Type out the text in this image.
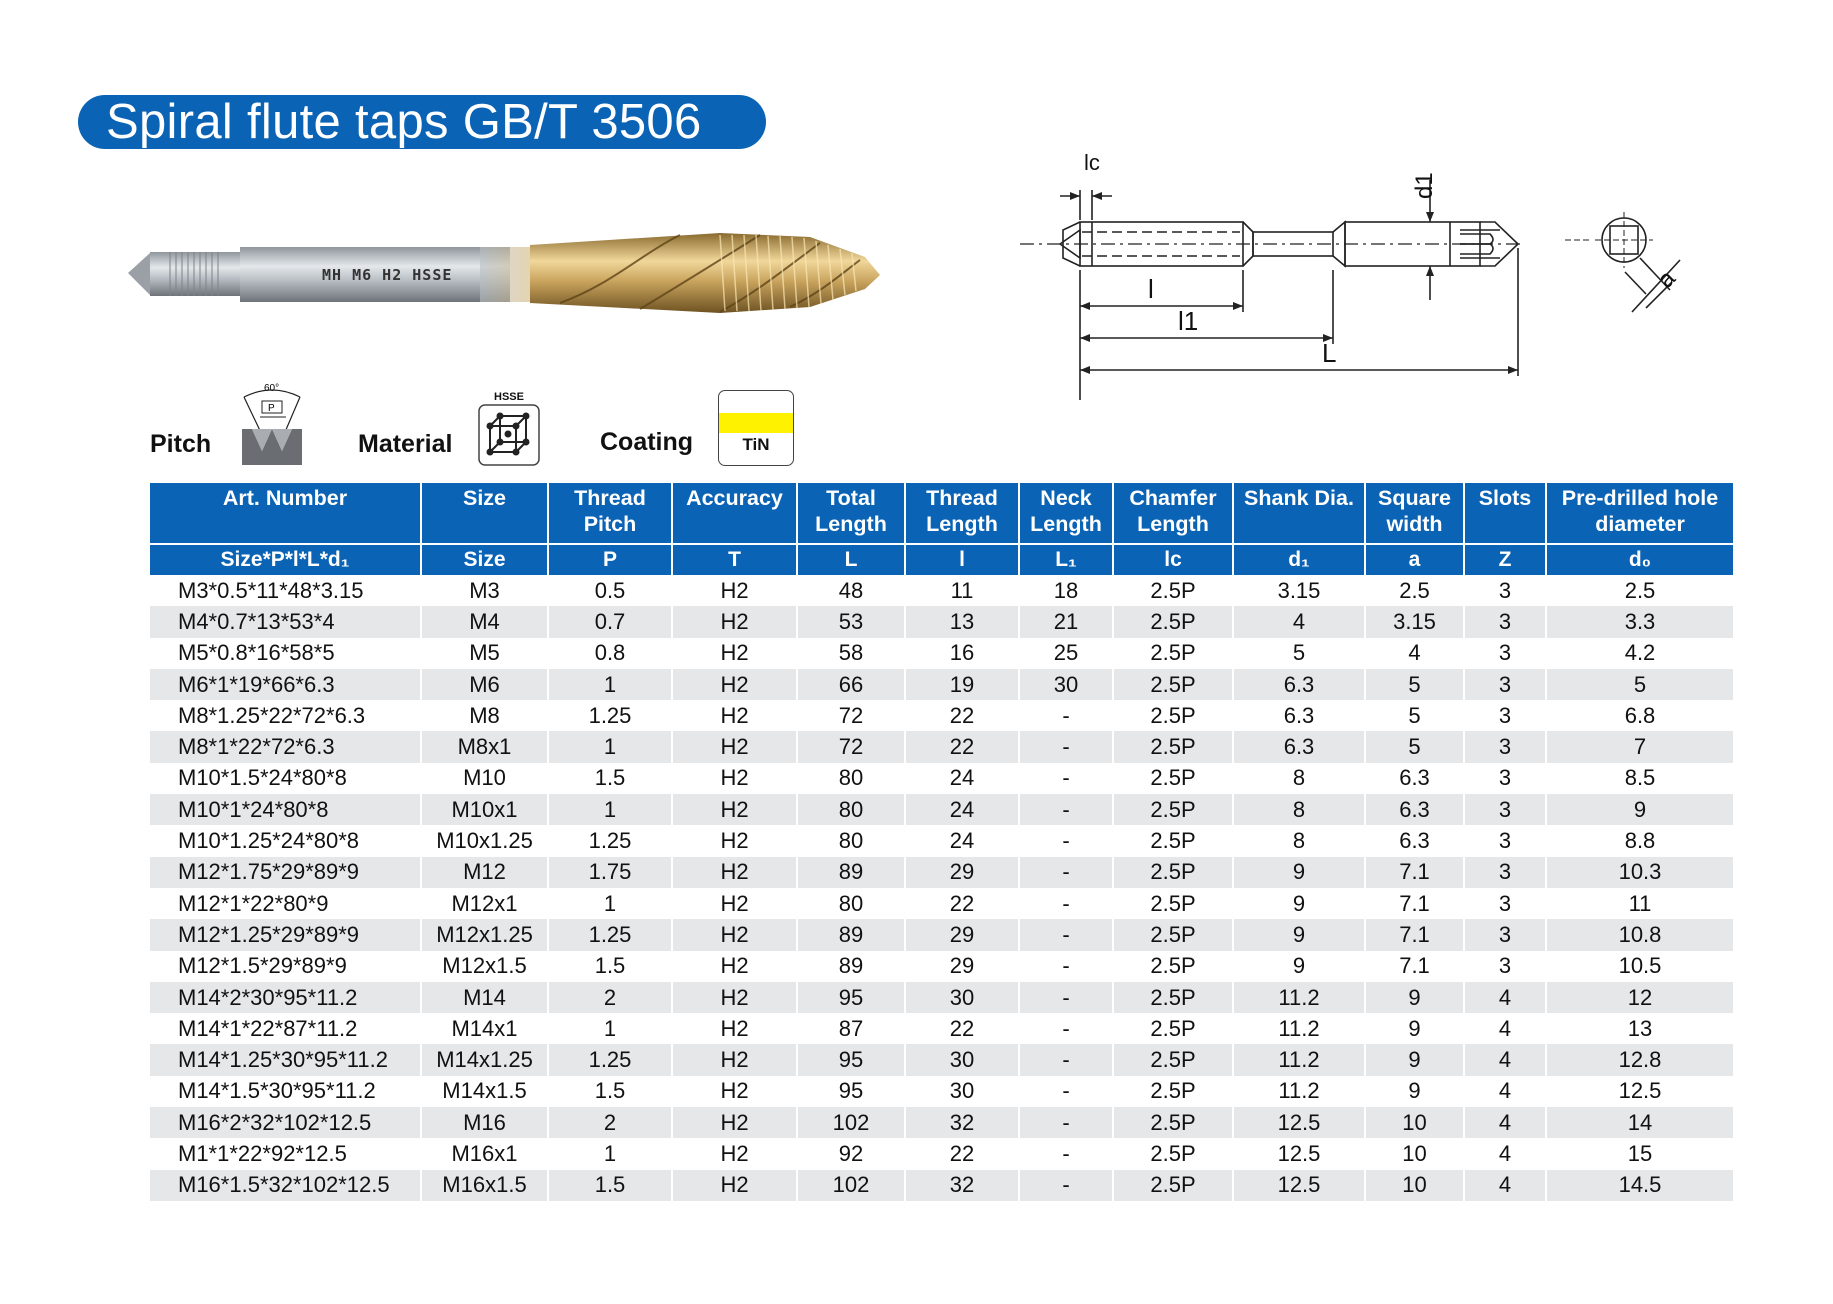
Spiral flute taps GB/T 3506
MH M6 H2 HSSE
lc
d1
l
l1
L
a
Pitch
60°
P
Material
HSSE
Coating	TiN
Art. Number	Size	Thread Pitch	Accuracy	Total Length	Thread Length	Neck Length	Chamfer Length	Shank Dia.	Square width	Slots	Pre-drilled hole diameter
Size*P*l*L*d₁	Size	P	T	L	l	L₁	lc	d₁	a	Z	d₀
M3*0.5*11*48*3.15	M3	0.5	H2	48	11	18	2.5P	3.15	2.5	3	2.5
M4*0.7*13*53*4	M4	0.7	H2	53	13	21	2.5P	4	3.15	3	3.3
M5*0.8*16*58*5	M5	0.8	H2	58	16	25	2.5P	5	4	3	4.2
M6*1*19*66*6.3	M6	1	H2	66	19	30	2.5P	6.3	5	3	5
M8*1.25*22*72*6.3	M8	1.25	H2	72	22	-	2.5P	6.3	5	3	6.8
M8*1*22*72*6.3	M8x1	1	H2	72	22	-	2.5P	6.3	5	3	7
M10*1.5*24*80*8	M10	1.5	H2	80	24	-	2.5P	8	6.3	3	8.5
M10*1*24*80*8	M10x1	1	H2	80	24	-	2.5P	8	6.3	3	9
M10*1.25*24*80*8	M10x1.25	1.25	H2	80	24	-	2.5P	8	6.3	3	8.8
M12*1.75*29*89*9	M12	1.75	H2	89	29	-	2.5P	9	7.1	3	10.3
M12*1*22*80*9	M12x1	1	H2	80	22	-	2.5P	9	7.1	3	11
M12*1.25*29*89*9	M12x1.25	1.25	H2	89	29	-	2.5P	9	7.1	3	10.8
M12*1.5*29*89*9	M12x1.5	1.5	H2	89	29	-	2.5P	9	7.1	3	10.5
M14*2*30*95*11.2	M14	2	H2	95	30	-	2.5P	11.2	9	4	12
M14*1*22*87*11.2	M14x1	1	H2	87	22	-	2.5P	11.2	9	4	13
M14*1.25*30*95*11.2	M14x1.25	1.25	H2	95	30	-	2.5P	11.2	9	4	12.8
M14*1.5*30*95*11.2	M14x1.5	1.5	H2	95	30	-	2.5P	11.2	9	4	12.5
M16*2*32*102*12.5	M16	2	H2	102	32	-	2.5P	12.5	10	4	14
M1*1*22*92*12.5	M16x1	1	H2	92	22	-	2.5P	12.5	10	4	15
M16*1.5*32*102*12.5	M16x1.5	1.5	H2	102	32	-	2.5P	12.5	10	4	14.5
